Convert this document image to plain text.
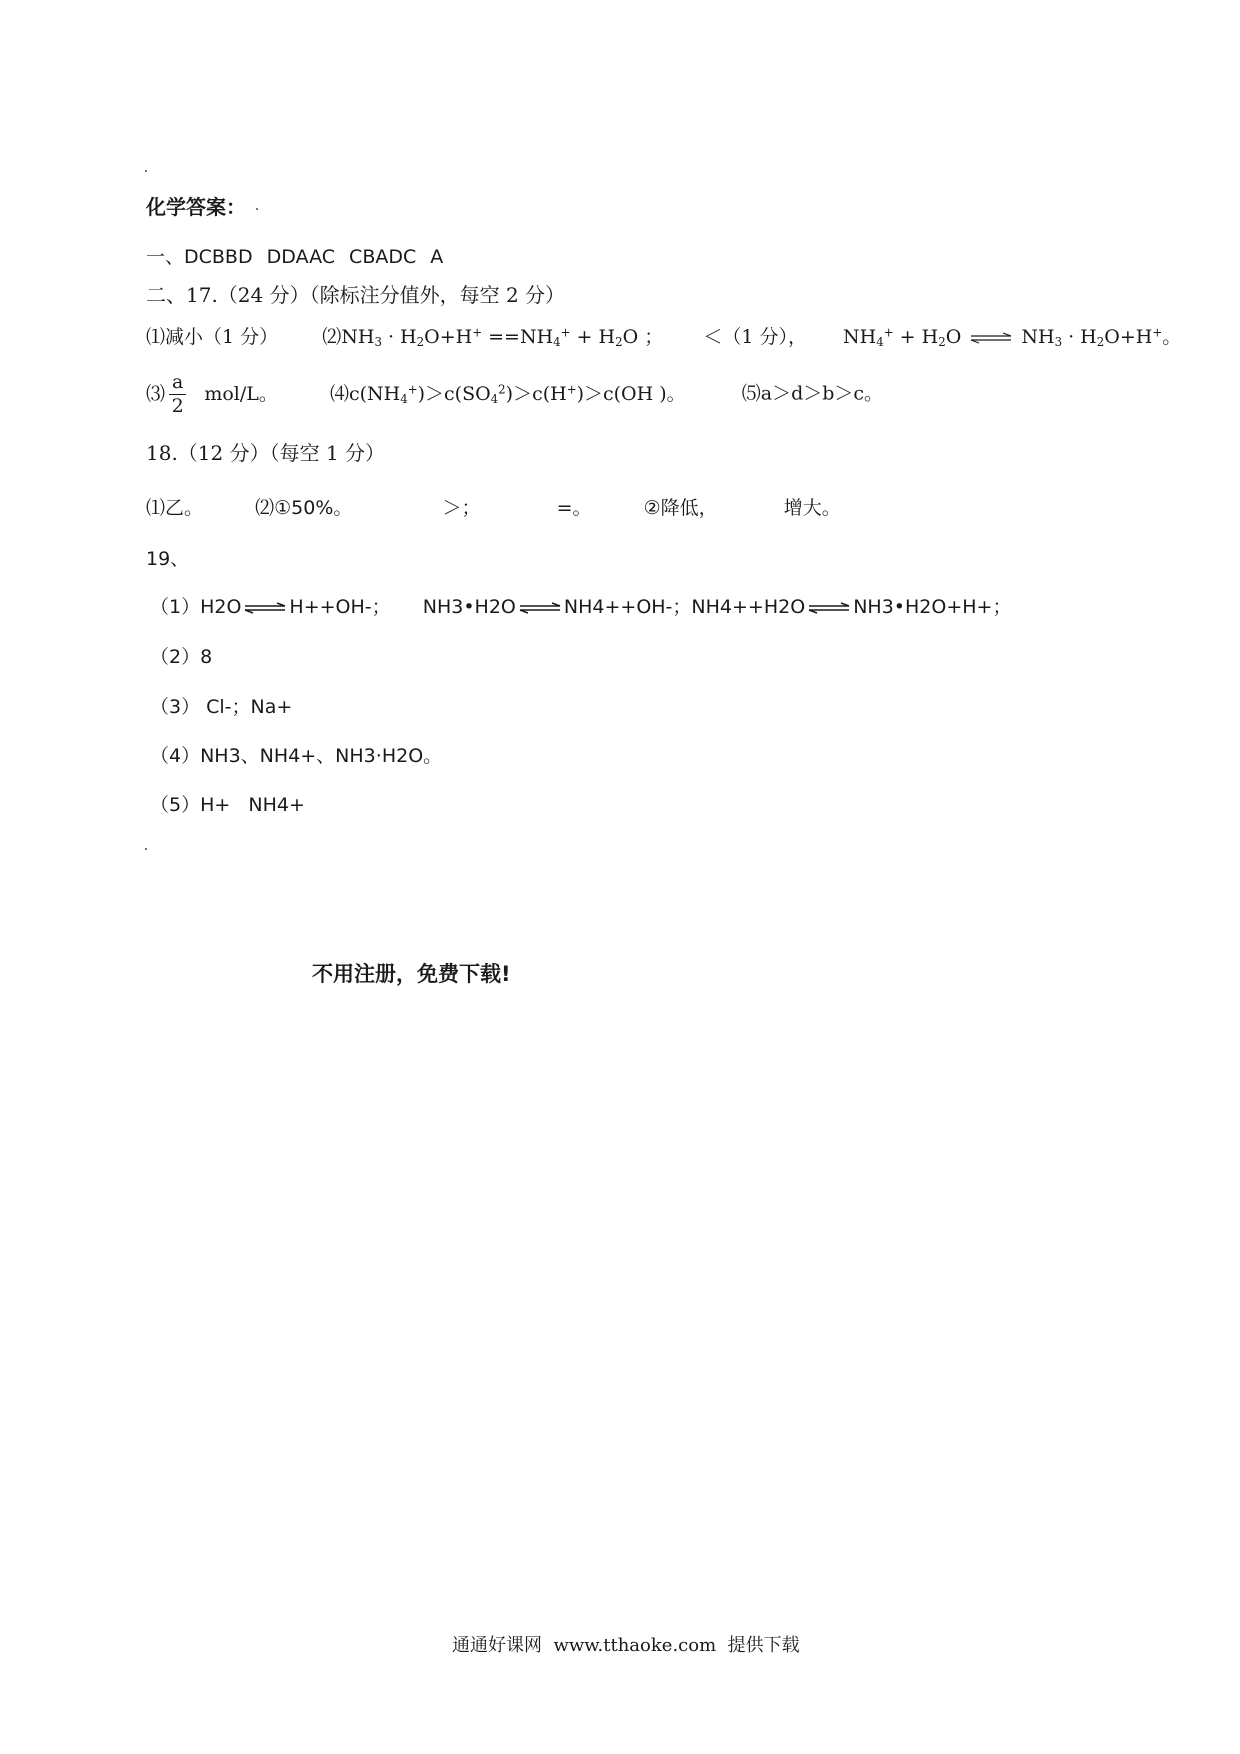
化学答案：
一、DCBBD DDAAC CBADC A
二、17.（24 分）（除标注分值外，每空 2 分）
⑴减小（1 分） $⑵NH_3 \cdot H_2O+H^+ ==NH_4^+ + H_2O$ ； ＜（1 分）， $NH_4^+ + H_2O$ ⇌ $NH_3 \cdot H_2O+H^+$。
⑶ $\frac{a}{2} mol/L$。	$⑷c(NH_4^+)>c(SO_4^2)>c(H^+)>c(OH$ )。	⑸a＞d＞b＞c。
18.（12 分）（每空 1 分）
⑴乙。	⑵①50%。	＞；	=。	②降低，	增大。
19、
（1）H2O ⇌ H++OH-； NH3•H2O ⇌ NH4++OH-；NH4++H2O ⇌ NH3•H2O+H+；
（2）8
（3） Cl-；Na+
（4）NH3、NH4+、NH3·H2O。
（5）H+   NH4+
不用注册，免费下载!
通通好课网  www.tthaoke.com  提供下载
